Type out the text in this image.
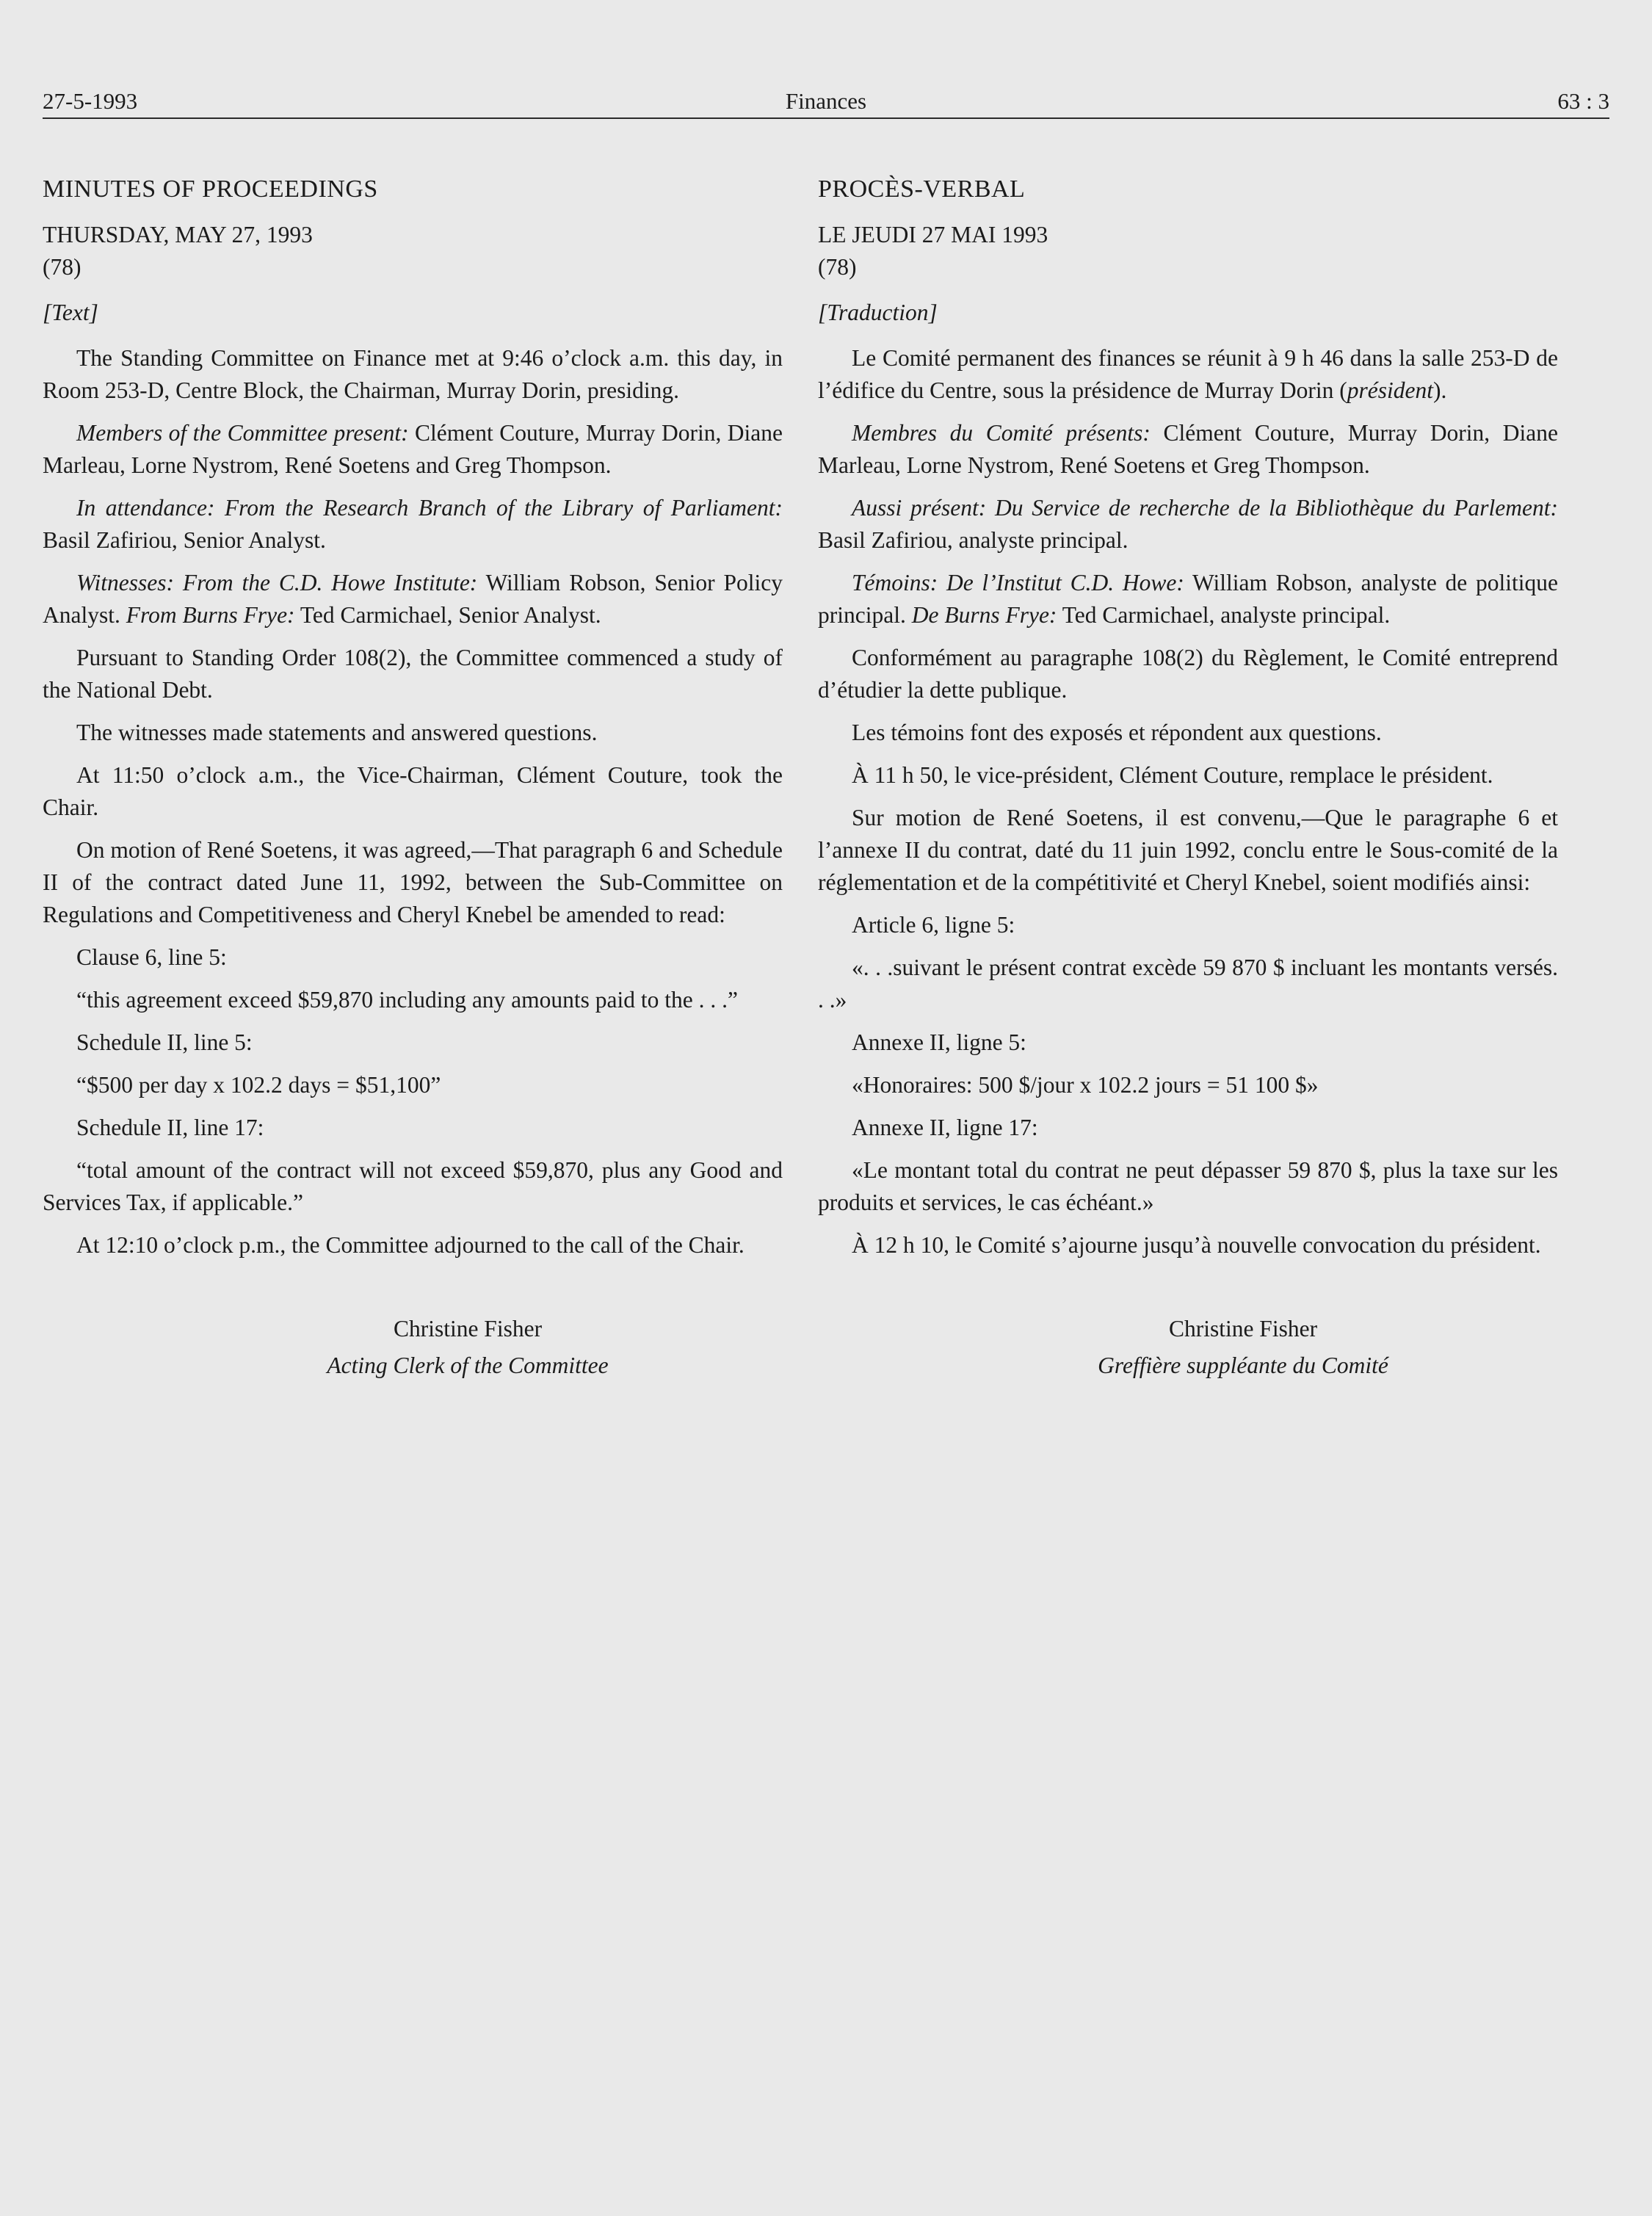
27-5-1993	Finances	63 : 3
MINUTES OF PROCEEDINGS
THURSDAY, MAY 27, 1993
(78)
[Text]

The Standing Committee on Finance met at 9:46 o’clock a.m. this day, in Room 253-D, Centre Block, the Chairman, Murray Dorin, presiding.

Members of the Committee present: Clément Couture, Murray Dorin, Diane Marleau, Lorne Nystrom, René Soetens and Greg Thompson.

In attendance: From the Research Branch of the Library of Parliament: Basil Zafiriou, Senior Analyst.

Witnesses: From the C.D. Howe Institute: William Robson, Senior Policy Analyst. From Burns Frye: Ted Carmichael, Senior Analyst.

Pursuant to Standing Order 108(2), the Committee commenced a study of the National Debt.

The witnesses made statements and answered questions.

At 11:50 o’clock a.m., the Vice-Chairman, Clément Couture, took the Chair.

On motion of René Soetens, it was agreed,—That paragraph 6 and Schedule II of the contract dated June 11, 1992, between the Sub-Committee on Regulations and Competitiveness and Cheryl Knebel be amended to read:

Clause 6, line 5:

“this agreement exceed $59,870 including any amounts paid to the . . .”

Schedule II, line 5:

“$500 per day x 102.2 days = $51,100”

Schedule II, line 17:

“total amount of the contract will not exceed $59,870, plus any Good and Services Tax, if applicable.”

At 12:10 o’clock p.m., the Committee adjourned to the call of the Chair.

Christine Fisher

Acting Clerk of the Committee

PROCÈS-VERBAL
LE JEUDI 27 MAI 1993
(78)
[Traduction]

Le Comité permanent des finances se réunit à 9 h 46 dans la salle 253-D de l’édifice du Centre, sous la présidence de Murray Dorin (président).

Membres du Comité présents: Clément Couture, Murray Dorin, Diane Marleau, Lorne Nystrom, René Soetens et Greg Thompson.

Aussi présent: Du Service de recherche de la Bibliothèque du Parlement: Basil Zafiriou, analyste principal.

Témoins: De l’Institut C.D. Howe: William Robson, analyste de politique principal. De Burns Frye: Ted Carmichael, analyste principal.

Conformément au paragraphe 108(2) du Règlement, le Comité entreprend d’étudier la dette publique.

Les témoins font des exposés et répondent aux questions.

À 11 h 50, le vice-président, Clément Couture, remplace le président.

Sur motion de René Soetens, il est convenu,—Que le paragraphe 6 et l’annexe II du contrat, daté du 11 juin 1992, conclu entre le Sous-comité de la réglementation et de la compétitivité et Cheryl Knebel, soient modifiés ainsi:

Article 6, ligne 5:

«. . .suivant le présent contrat excède 59 870 $ incluant les montants versés. . .»

Annexe II, ligne 5:

«Honoraires: 500 $/jour x 102.2 jours = 51 100 $»

Annexe II, ligne 17:

«Le montant total du contrat ne peut dépasser 59 870 $, plus la taxe sur les produits et services, le cas échéant.»

À 12 h 10, le Comité s’ajourne jusqu’à nouvelle convocation du président.

Christine Fisher

Greffière suppléante du Comité
